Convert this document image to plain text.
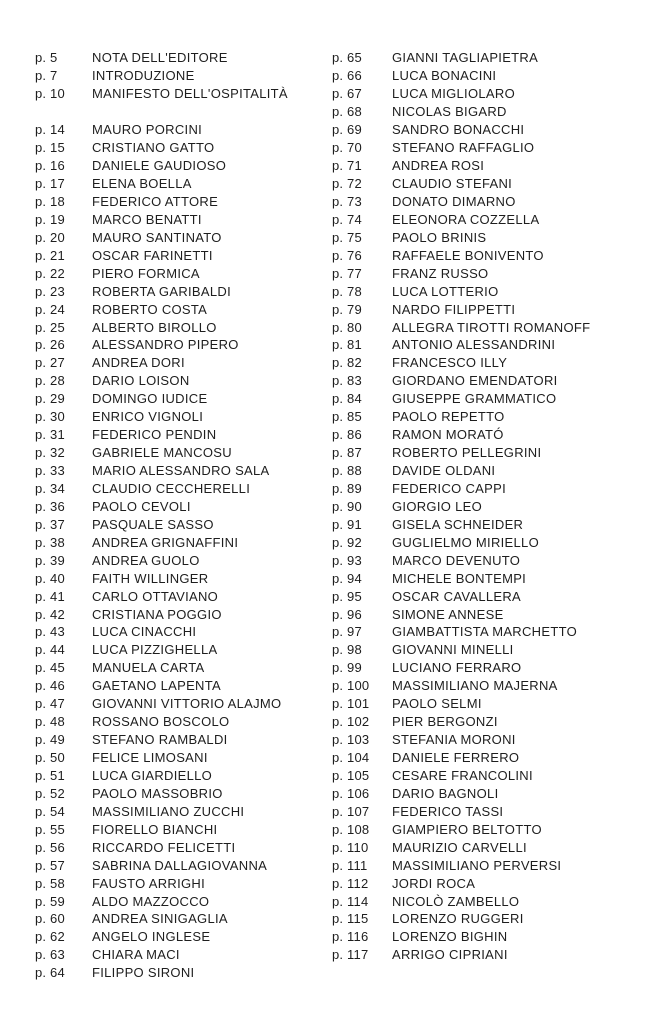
p. 5	NOTA DELL'EDITORE
p. 7	INTRODUZIONE
p. 10	MANIFESTO DELL'OSPITALITÀ
p. 14	MAURO PORCINI
p. 15	CRISTIANO GATTO
p. 16	DANIELE GAUDIOSO
p. 17	ELENA BOELLA
p. 18	FEDERICO ATTORE
p. 19	MARCO BENATTI
p. 20	MAURO SANTINATO
p. 21	OSCAR FARINETTI
p. 22	PIERO FORMICA
p. 23	ROBERTA GARIBALDI
p. 24	ROBERTO COSTA
p. 25	ALBERTO BIROLLO
p. 26	ALESSANDRO PIPERO
p. 27	ANDREA DORI
p. 28	DARIO LOISON
p. 29	DOMINGO IUDICE
p. 30	ENRICO VIGNOLI
p. 31	FEDERICO PENDIN
p. 32	GABRIELE MANCOSU
p. 33	MARIO ALESSANDRO SALA
p. 34	CLAUDIO CECCHERELLI
p. 36	PAOLO CEVOLI
p. 37	PASQUALE SASSO
p. 38	ANDREA GRIGNAFFINI
p. 39	ANDREA GUOLO
p. 40	FAITH WILLINGER
p. 41	CARLO OTTAVIANO
p. 42	CRISTIANA POGGIO
p. 43	LUCA CINACCHI
p. 44	LUCA PIZZIGHELLA
p. 45	MANUELA CARTA
p. 46	GAETANO LAPENTA
p. 47	GIOVANNI VITTORIO ALAJMO
p. 48	ROSSANO BOSCOLO
p. 49	STEFANO RAMBALDI
p. 50	FELICE LIMOSANI
p. 51	LUCA GIARDIELLO
p. 52	PAOLO MASSOBRIO
p. 54	MASSIMILIANO ZUCCHI
p. 55	FIORELLO BIANCHI
p. 56	RICCARDO FELICETTI
p. 57	SABRINA DALLAGIOVANNA
p. 58	FAUSTO ARRIGHI
p. 59	ALDO MAZZOCCO
p. 60	ANDREA SINIGAGLIA
p. 62	ANGELO INGLESE
p. 63	CHIARA MACI
p. 64	FILIPPO SIRONI
p. 65	GIANNI TAGLIAPIETRA
p. 66	LUCA BONACINI
p. 67	LUCA MIGLIOLARO
p. 68	NICOLAS BIGARD
p. 69	SANDRO BONACCHI
p. 70	STEFANO RAFFAGLIO
p. 71	ANDREA ROSI
p. 72	CLAUDIO STEFANI
p. 73	DONATO DIMARNO
p. 74	ELEONORA COZZELLA
p. 75	PAOLO BRINIS
p. 76	RAFFAELE BONIVENTO
p. 77	FRANZ RUSSO
p. 78	LUCA LOTTERIO
p. 79	NARDO FILIPPETTI
p. 80	ALLEGRA TIROTTI ROMANOFF
p. 81	ANTONIO ALESSANDRINI
p. 82	FRANCESCO ILLY
p. 83	GIORDANO EMENDATORI
p. 84	GIUSEPPE GRAMMATICO
p. 85	PAOLO REPETTO
p. 86	RAMON MORATÓ
p. 87	ROBERTO PELLEGRINI
p. 88	DAVIDE OLDANI
p. 89	FEDERICO CAPPI
p. 90	GIORGIO LEO
p. 91	GISELA SCHNEIDER
p. 92	GUGLIELMO MIRIELLO
p. 93	MARCO DEVENUTO
p. 94	MICHELE BONTEMPI
p. 95	OSCAR CAVALLERA
p. 96	SIMONE ANNESE
p. 97	GIAMBATTISTA MARCHETTO
p. 98	GIOVANNI MINELLI
p. 99	LUCIANO FERRARO
p. 100	MASSIMILIANO MAJERNA
p. 101	PAOLO SELMI
p. 102	PIER BERGONZI
p. 103	STEFANIA MORONI
p. 104	DANIELE FERRERO
p. 105	CESARE FRANCOLINI
p. 106	DARIO BAGNOLI
p. 107	FEDERICO TASSI
p. 108	GIAMPIERO BELTOTTO
p. 110	MAURIZIO CARVELLI
p. 111	MASSIMILIANO PERVERSI
p. 112	JORDI ROCA
p. 114	NICOLÒ ZAMBELLO
p. 115	LORENZO RUGGERI
p. 116	LORENZO BIGHIN
p. 117	ARRIGO CIPRIANI
